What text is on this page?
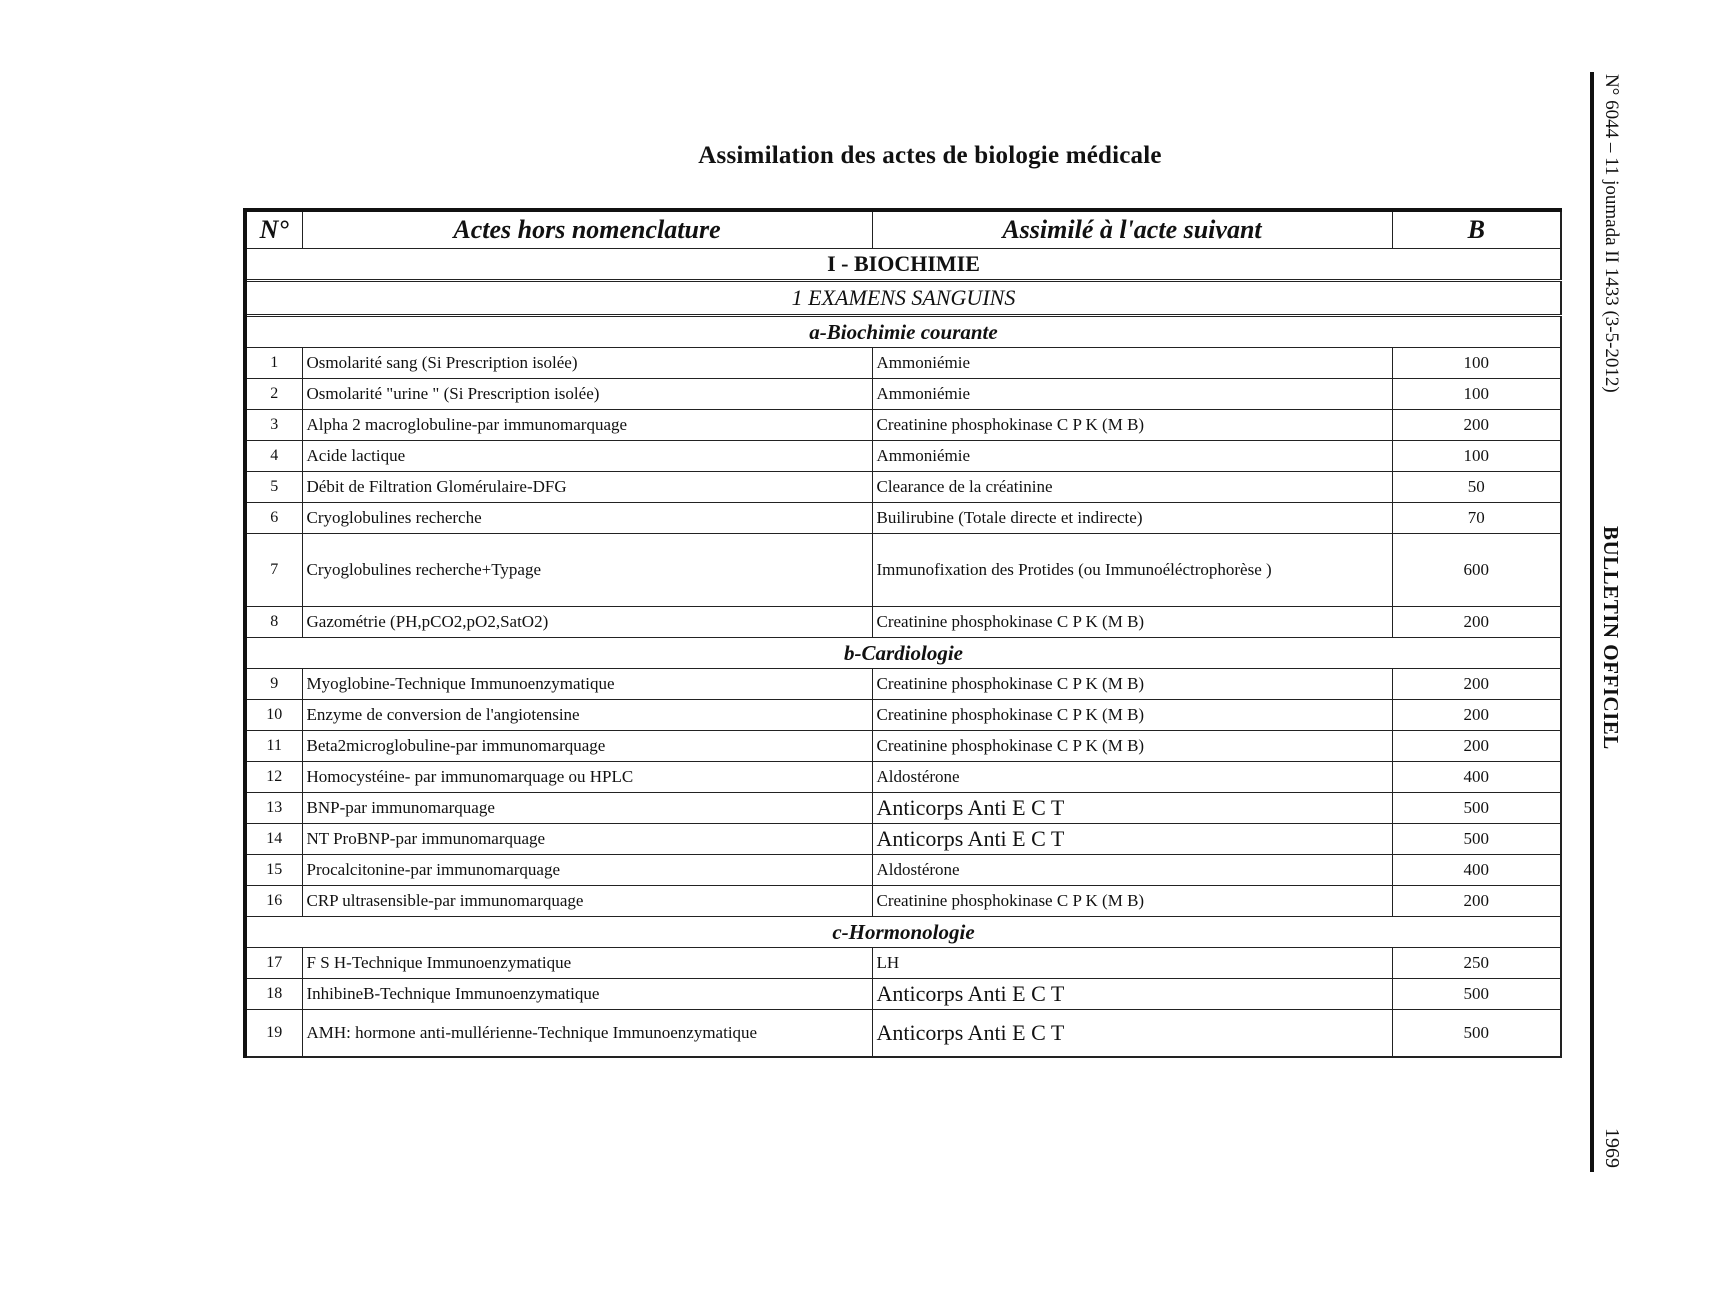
Assimilation des actes de biologie médicale
N°	Actes hors nomenclature	Assimilé à l'acte suivant	B
I - BIOCHIMIE			
1 EXAMENS SANGUINS			
a-Biochimie courante			
1	Osmolarité sang (Si Prescription isolée)	Ammoniémie	100
2	Osmolarité "urine " (Si Prescription isolée)	Ammoniémie	100
3	Alpha 2 macroglobuline-par immunomarquage	Creatinine phosphokinase C P K (M B)	200
4	Acide lactique	Ammoniémie	100
5	Débit de Filtration Glomérulaire-DFG	Clearance de la créatinine	50
6	Cryoglobulines recherche	Builirubine (Totale directe et indirecte)	70
7	Cryoglobulines recherche+Typage	Immunofixation des Protides (ou Immunoéléctrophorèse )	600
8	Gazométrie (PH,pCO2,pO2,SatO2)	Creatinine phosphokinase C P K (M B)	200
b-Cardiologie			
9	Myoglobine-Technique Immunoenzymatique	Creatinine phosphokinase C P K (M B)	200
10	Enzyme de conversion de l'angiotensine	Creatinine phosphokinase C P K (M B)	200
11	Beta2microglobuline-par immunomarquage	Creatinine phosphokinase C P K (M B)	200
12	Homocystéine- par immunomarquage ou HPLC	Aldostérone	400
13	BNP-par immunomarquage	Anticorps Anti E C T	500
14	NT ProBNP-par immunomarquage	Anticorps Anti E C T	500
15	Procalcitonine-par immunomarquage	Aldostérone	400
16	CRP ultrasensible-par immunomarquage	Creatinine phosphokinase C P K (M B)	200
c-Hormonologie			
17	F S H-Technique Immunoenzymatique	LH	250
18	InhibineB-Technique Immunoenzymatique	Anticorps Anti E C T	500
19	AMH: hormone anti-mullérienne-Technique Immunoenzymatique	Anticorps Anti E C T	500
N° 6044 – 11 joumada II 1433 (3-5-2012)
BULLETIN OFFICIEL
1969
